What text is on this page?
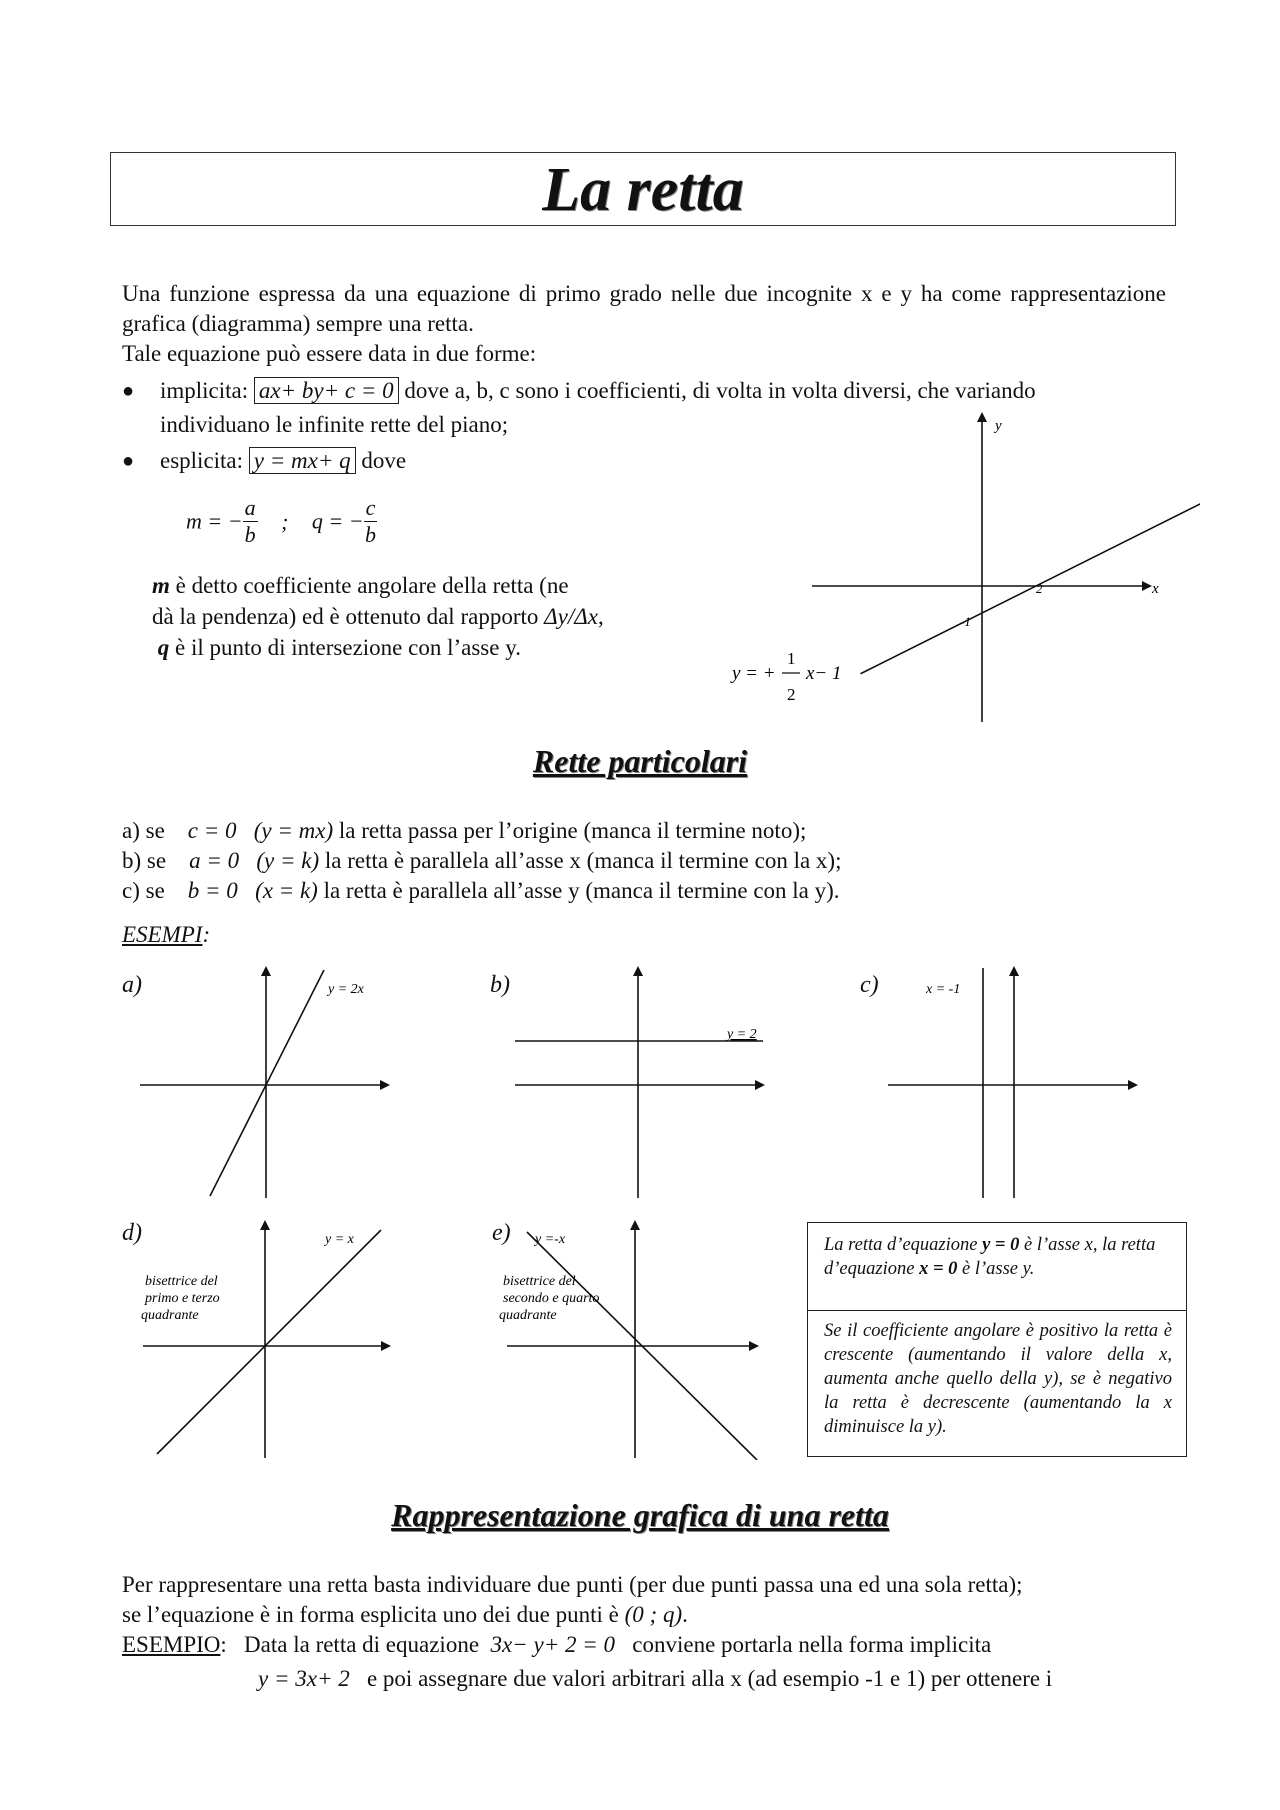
La retta
Una funzione espressa da una equazione di primo grado nelle due incognite x e y ha come rappresentazione grafica (diagramma) sempre una retta.
Tale equazione può essere data in due forme:
● implicita: ax+ by+ c = 0 dove a, b, c sono i coefficienti, di volta in volta diversi, che variando
individuano le infinite rette del piano;
● esplicita: y = mx+ q dove
m = − $\frac{a}{b}$ ; q = − $\frac{c}{b}$
m è detto coefficiente angolare della retta (ne
dà la pendenza) ed è ottenuto dal rapporto Δy/Δx,
q è il punto di intersezione con l’asse y.
y
x
2
-1
y = +
1
2
x− 1
Rette particolari
a) se c = 0 (y = mx) la retta passa per l’origine (manca il termine noto);
b) se a = 0 (y = k) la retta è parallela all’asse x (manca il termine con la x);
c) se b = 0 (x = k) la retta è parallela all’asse y (manca il termine con la y).
ESEMPI:
a)	y = 2x	b)
y = 2
c)	x = -1
d)	y = x
bisettrice del
primo e terzo
quadrante
e) y =-x
bisettrice del
secondo e quarto
quadrante
La retta d’equazione y = 0 è l’asse x, la retta d’equazione x = 0 è l’asse y.
Se il coefficiente angolare è positivo la retta è crescente (aumentando il valore della x, aumenta anche quello della y), se è negativo la retta è decrescente (aumentando la x diminuisce la y).
Rappresentazione grafica di una retta
Per rappresentare una retta basta individuare due punti (per due punti passa una ed una sola retta);
se l’equazione è in forma esplicita uno dei due punti è (0 ; q).
ESEMPIO: Data la retta di equazione  3x− y+ 2 = 0 conviene portarla nella forma implicita
y = 3x+ 2 e poi assegnare due valori arbitrari alla x (ad esempio -1 e 1) per ottenere i
